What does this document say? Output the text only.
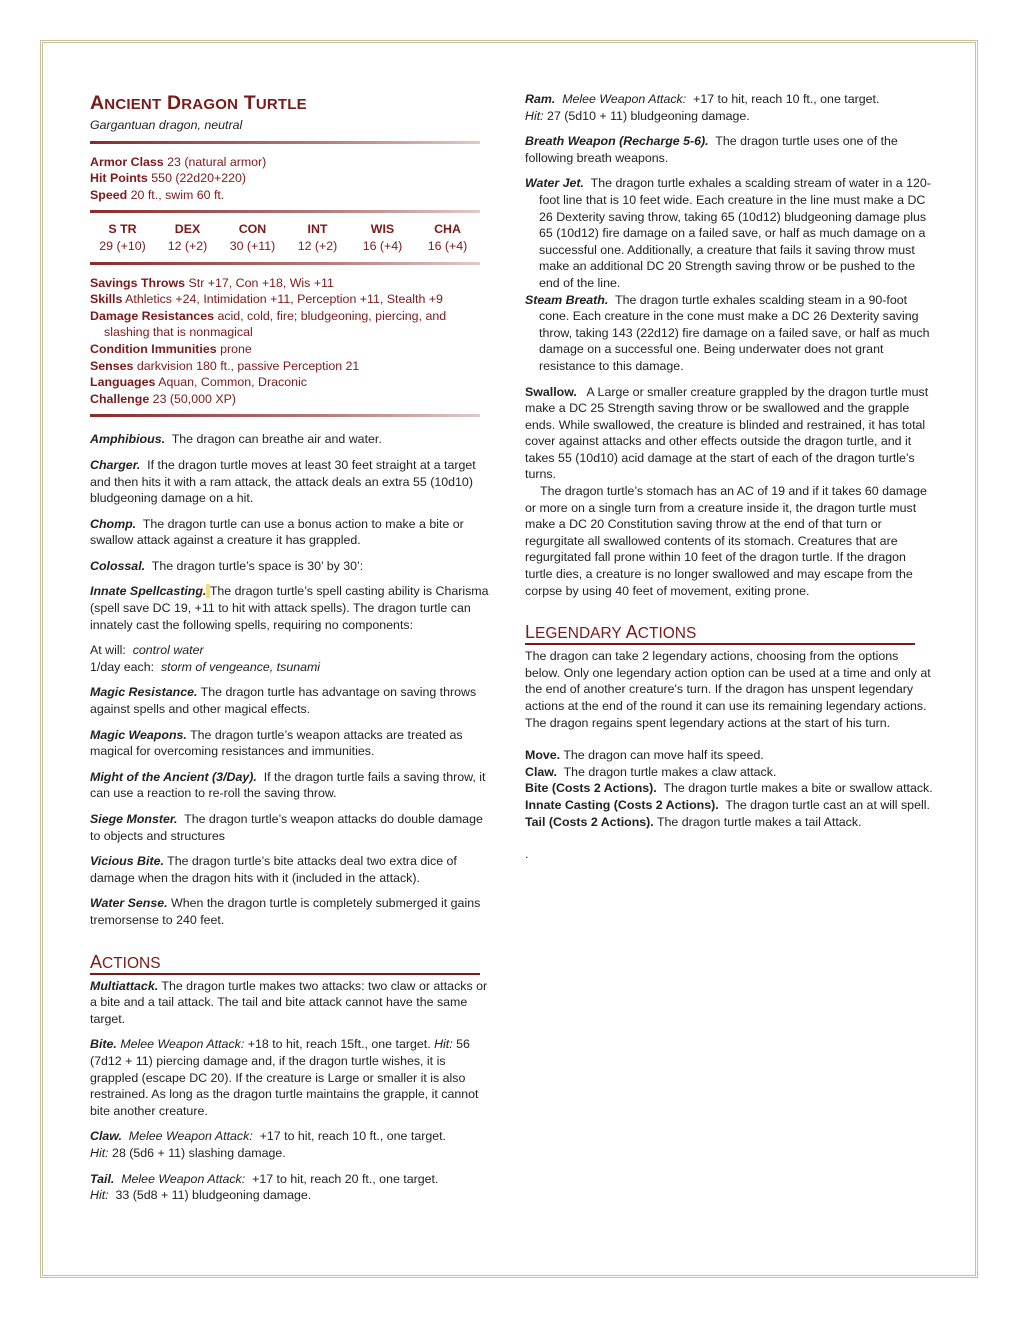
ANCIENT DRAGON TURTLE
Gargantuan dragon, neutral
Armor Class 23 (natural armor)
Hit Points 550 (22d20+220)
Speed 20 ft., swim 60 ft.
S TR
29 (+10)
DEX
12 (+2)
CON
30 (+11)
INT
12 (+2)
WIS
16 (+4)
CHA
16 (+4)
Savings Throws Str +17, Con +18, Wis +11
Skills Athletics +24, Intimidation +11, Perception +11, Stealth +9
Damage Resistances acid, cold, fire; bludgeoning, piercing, and slashing that is nonmagical
Condition Immunities prone
Senses darkvision 180 ft., passive Perception 21
Languages Aquan, Common, Draconic
Challenge 23 (50,000 XP)
Amphibious. The dragon can breathe air and water.
Charger. If the dragon turtle moves at least 30 feet straight at a target and then hits it with a ram attack, the attack deals an extra 55 (10d10) bludgeoning damage on a hit.
Chomp. The dragon turtle can use a bonus action to make a bite or swallow attack against a creature it has grappled.
Colossal. The dragon turtle’s space is 30’ by 30’:
Innate Spellcasting. The dragon turtle’s spell casting ability is Charisma (spell save DC 19, +11 to hit with attack spells). The dragon turtle can innately cast the following spells, requiring no components:
At will: control water
1/day each: storm of vengeance, tsunami
Magic Resistance. The dragon turtle has advantage on saving throws against spells and other magical effects.
Magic Weapons. The dragon turtle’s weapon attacks are treated as magical for overcoming resistances and immunities.
Might of the Ancient (3/Day). If the dragon turtle fails a saving throw, it can use a reaction to re-roll the saving throw.
Siege Monster. The dragon turtle’s weapon attacks do double damage to objects and structures
Vicious Bite. The dragon turtle’s bite attacks deal two extra dice of damage when the dragon hits with it (included in the attack).
Water Sense. When the dragon turtle is completely submerged it gains tremorsense to 240 feet.
ACTIONS
Multiattack. The dragon turtle makes two attacks: two claw or attacks or a bite and a tail attack. The tail and bite attack cannot have the same target.
Bite. Melee Weapon Attack: +18 to hit, reach 15ft., one target. Hit: 56 (7d12 + 11) piercing damage and, if the dragon turtle wishes, it is grappled (escape DC 20). If the creature is Large or smaller it is also restrained. As long as the dragon turtle maintains the grapple, it cannot bite another creature.
Claw. Melee Weapon Attack: +17 to hit, reach 10 ft., one target.
Hit: 28 (5d6 + 11) slashing damage.
Tail. Melee Weapon Attack: +17 to hit, reach 20 ft., one target.
Hit: 33 (5d8 + 11) bludgeoning damage.
Ram. Melee Weapon Attack: +17 to hit, reach 10 ft., one target.
Hit: 27 (5d10 + 11) bludgeoning damage.
Breath Weapon (Recharge 5-6). The dragon turtle uses one of the following breath weapons.
Water Jet. The dragon turtle exhales a scalding stream of water in a 120-foot line that is 10 feet wide. Each creature in the line must make a DC 26 Dexterity saving throw, taking 65 (10d12) bludgeoning damage plus 65 (10d12) fire damage on a failed save, or half as much damage on a successful one. Additionally, a creature that fails it saving throw must make an additional DC 20 Strength saving throw or be pushed to the end of the line.
Steam Breath. The dragon turtle exhales scalding steam in a 90-foot cone. Each creature in the cone must make a DC 26 Dexterity saving throw, taking 143 (22d12) fire damage on a failed save, or half as much damage on a successful one. Being underwater does not grant resistance to this damage.
Swallow. A Large or smaller creature grappled by the dragon turtle must make a DC 25 Strength saving throw or be swallowed and the grapple ends. While swallowed, the creature is blinded and restrained, it has total cover against attacks and other effects outside the dragon turtle, and it takes 55 (10d10) acid damage at the start of each of the dragon turtle’s turns.
The dragon turtle’s stomach has an AC of 19 and if it takes 60 damage or more on a single turn from a creature inside it, the dragon turtle must make a DC 20 Constitution saving throw at the end of that turn or regurgitate all swallowed contents of its stomach. Creatures that are regurgitated fall prone within 10 feet of the dragon turtle. If the dragon turtle dies, a creature is no longer swallowed and may escape from the corpse by using 40 feet of movement, exiting prone.
LEGENDARY ACTIONS
The dragon can take 2 legendary actions, choosing from the options below. Only one legendary action option can be used at a time and only at the end of another creature's turn. If the dragon has unspent legendary actions at the end of the round it can use its remaining legendary actions. The dragon regains spent legendary actions at the start of his turn.
Move. The dragon can move half its speed.
Claw. The dragon turtle makes a claw attack.
Bite (Costs 2 Actions). The dragon turtle makes a bite or swallow attack.
Innate Casting (Costs 2 Actions). The dragon turtle cast an at will spell.
Tail (Costs 2 Actions). The dragon turtle makes a tail Attack.
.
